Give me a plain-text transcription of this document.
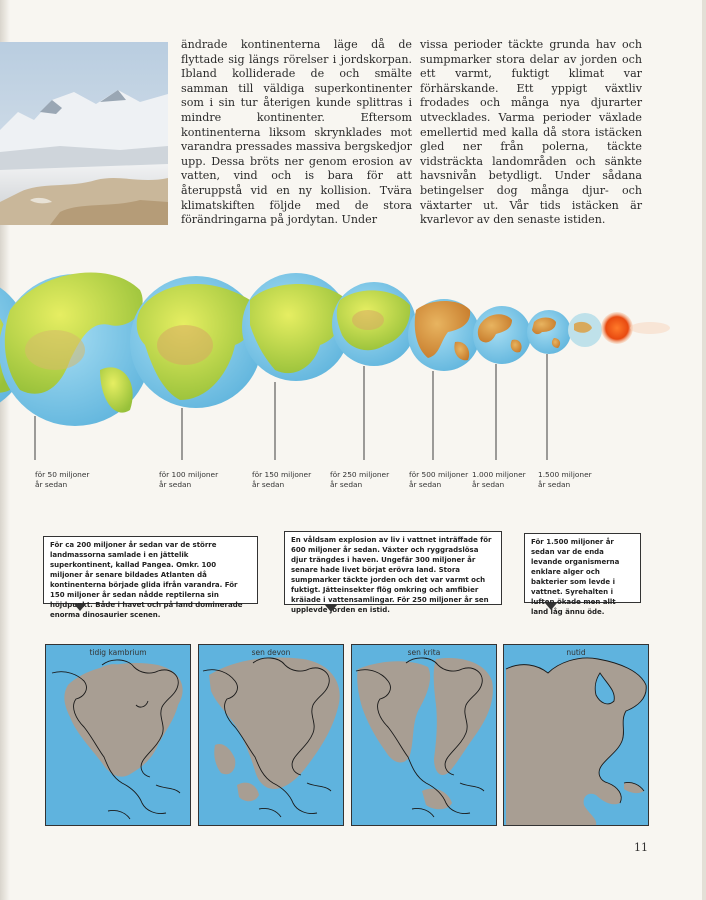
ändrade kontinenterna läge då de flyttade sig längs rörelser i jordskorpan. Ibland kolliderade de och smälte samman till väldiga superkontinenter som i sin tur återigen kunde splittras i mindre kontinenter. Eftersom kontinenterna liksom skrynklades mot varandra pressades massiva bergskedjor upp. Dessa bröts ner genom erosion av vatten, vind och is bara för att återuppstå vid en ny kollision. Tvära klimatskiften följde med de stora förändringarna på jordytan. Under
vissa perioder täckte grunda hav och sumpmarker stora delar av jorden och ett varmt, fuktigt klimat var förhärskande. Ett yppigt växtliv frodades och många nya djurarter utvecklades. Varma perioder växlade emellertid med kalla då stora istäcken gled ner från polerna, täckte vidsträckta landområden och sänkte havsnivån betydligt. Under sådana betingelser dog många djur- och växtarter ut. Vår tids istäcken är kvarlevor av den senaste istiden.
för 50 miljoner
år sedan
för 100 miljoner
år sedan
för 150 miljoner
år sedan
för 250 miljoner
år sedan
för 500 miljoner
år sedan
1.000 miljoner
år sedan
1.500 miljoner
år sedan
För ca 200 miljoner år sedan var de större landmassorna samlade i en jättelik superkontinent, kallad Pangea. Omkr. 100 miljoner år senare bildades Atlanten då kontinenterna började glida ifrån varandra. För 150 miljoner år sedan nådde reptilerna sin höjdpunkt. Både i havet och på land dominerade enorma dinosaurier scenen.
En våldsam explosion av liv i vattnet inträffade för 600 miljoner år sedan. Växter och ryggradslösa djur trängdes i haven. Ungefär 300 miljoner år senare hade livet börjat erövra land. Stora sumpmarker täckte jorden och det var varmt och fuktigt. Jätteinsekter flög omkring och amfibier kräiade i vattensamlingar. För 250 miljoner år sen upplevde jorden en istid.
För 1.500 miljoner år sedan var de enda levande organismerna enklare alger och bakterier som levde i vattnet. Syrehalten i luften ökade men allt land låg ännu öde.
tidig kambrium	sen devon	sen krita	nutid
11
